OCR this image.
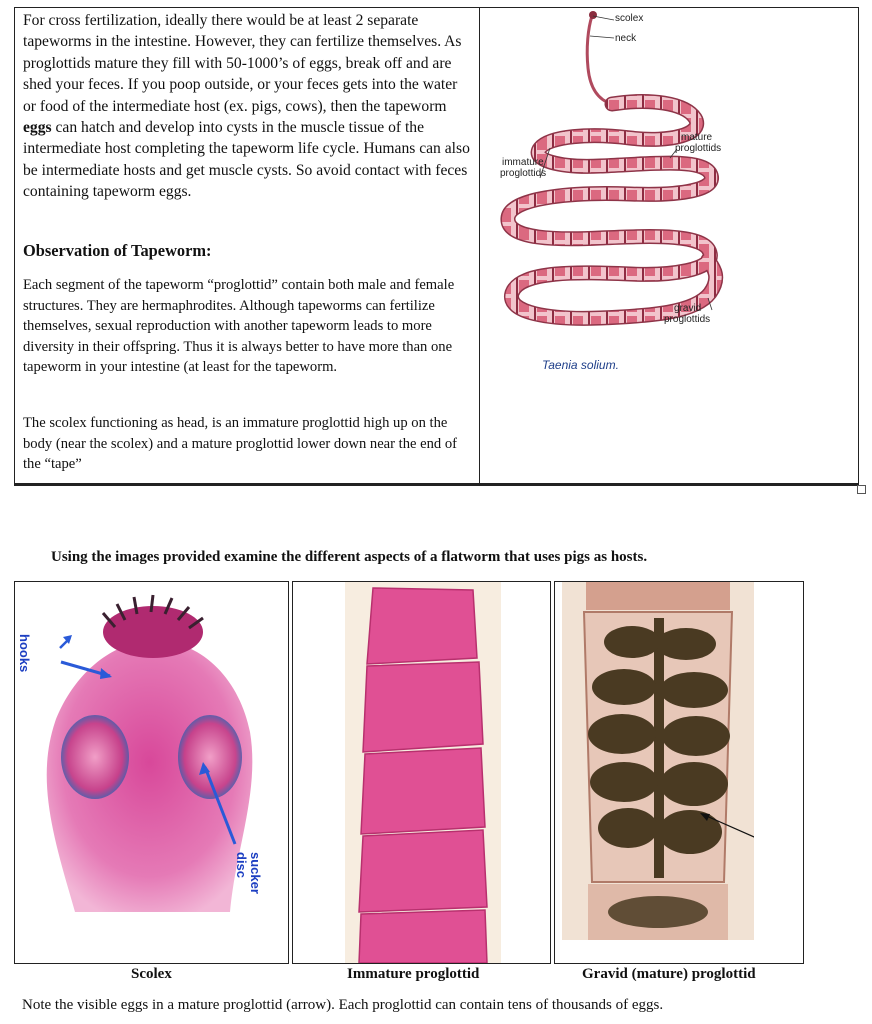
For cross fertilization, ideally there would be at least 2 separate tapeworms in the intestine. However, they can fertilize themselves. As proglottids mature they fill with 50-1000’s of eggs, break off and are shed your feces. If you poop outside, or your feces gets into the water or food of the intermediate host (ex. pigs, cows), then the tapeworm eggs can hatch and develop into cysts in the muscle tissue of the intermediate host completing the tapeworm life cycle. Humans can also be intermediate hosts and get muscle cysts. So avoid contact with feces containing tapeworm eggs.
Observation of Tapeworm:
Each segment of the tapeworm “proglottid” contain both male and female structures. They are hermaphrodites. Although tapeworms can fertilize themselves, sexual reproduction with another tapeworm leads to more diversity in their offspring. Thus it is always better to have more than one tapeworm in your intestine (at least for the tapeworm.
The scolex functioning as head, is an immature proglottid high up on the body (near the scolex) and a mature proglottid lower down near the end of the “tape”
scolex
neck
mature
proglottids
immature
proglottids
gravid
proglottids
Taenia solium.
Using the images provided examine the different aspects of a flatworm that uses pigs as hosts.
hooks
sucker
disc
Scolex	Immature proglottid	Gravid (mature) proglottid
Note the visible eggs in a mature proglottid (arrow). Each proglottid can contain tens of thousands of eggs.
